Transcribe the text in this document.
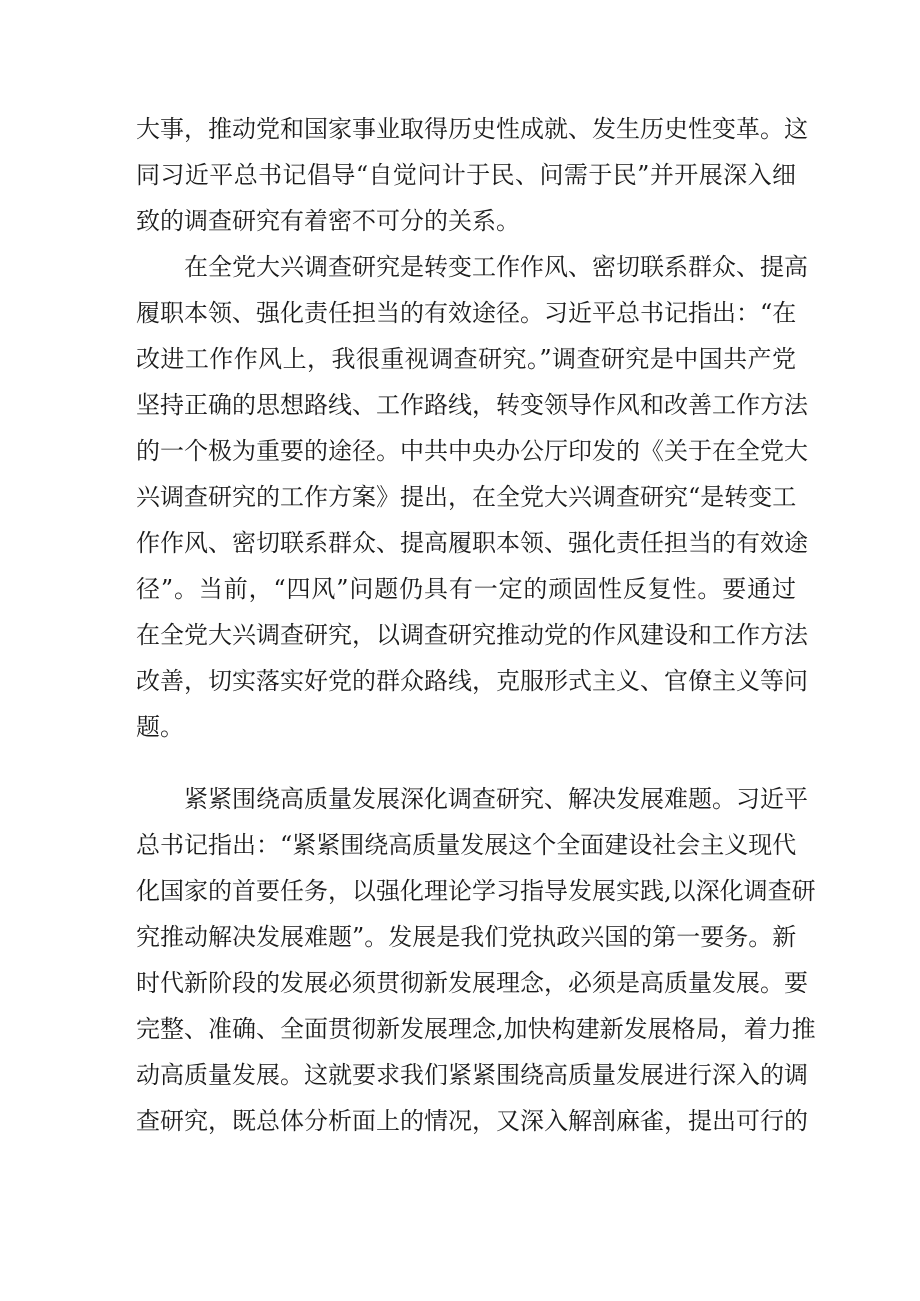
大事，推动党和国家事业取得历史性成就、发生历史性变革。这

同习近平总书记倡导“自觉问计于民、问需于民”并开展深入细

致的调查研究有着密不可分的关系。

在全党大兴调查研究是转变工作作风、密切联系群众、提高

履职本领、强化责任担当的有效途径。习近平总书记指出：“在

改进工作作风上，我很重视调查研究。”调查研究是中国共产党

坚持正确的思想路线、工作路线，转变领导作风和改善工作方法

的一个极为重要的途径。中共中央办公厅印发的《关于在全党大

兴调查研究的工作方案》提出，在全党大兴调查研究“是转变工

作作风、密切联系群众、提高履职本领、强化责任担当的有效途

径”。当前，“四风”问题仍具有一定的顽固性反复性。要通过

在全党大兴调查研究，以调查研究推动党的作风建设和工作方法

改善，切实落实好党的群众路线，克服形式主义、官僚主义等问

题。

紧紧围绕高质量发展深化调查研究、解决发展难题。习近平

总书记指出：“紧紧围绕高质量发展这个全面建设社会主义现代

化国家的首要任务，以强化理论学习指导发展实践,以深化调查研

究推动解决发展难题”。发展是我们党执政兴国的第一要务。新

时代新阶段的发展必须贯彻新发展理念，必须是高质量发展。要

完整、准确、全面贯彻新发展理念,加快构建新发展格局，着力推

动高质量发展。这就要求我们紧紧围绕高质量发展进行深入的调

查研究，既总体分析面上的情况，又深入解剖麻雀，提出可行的
